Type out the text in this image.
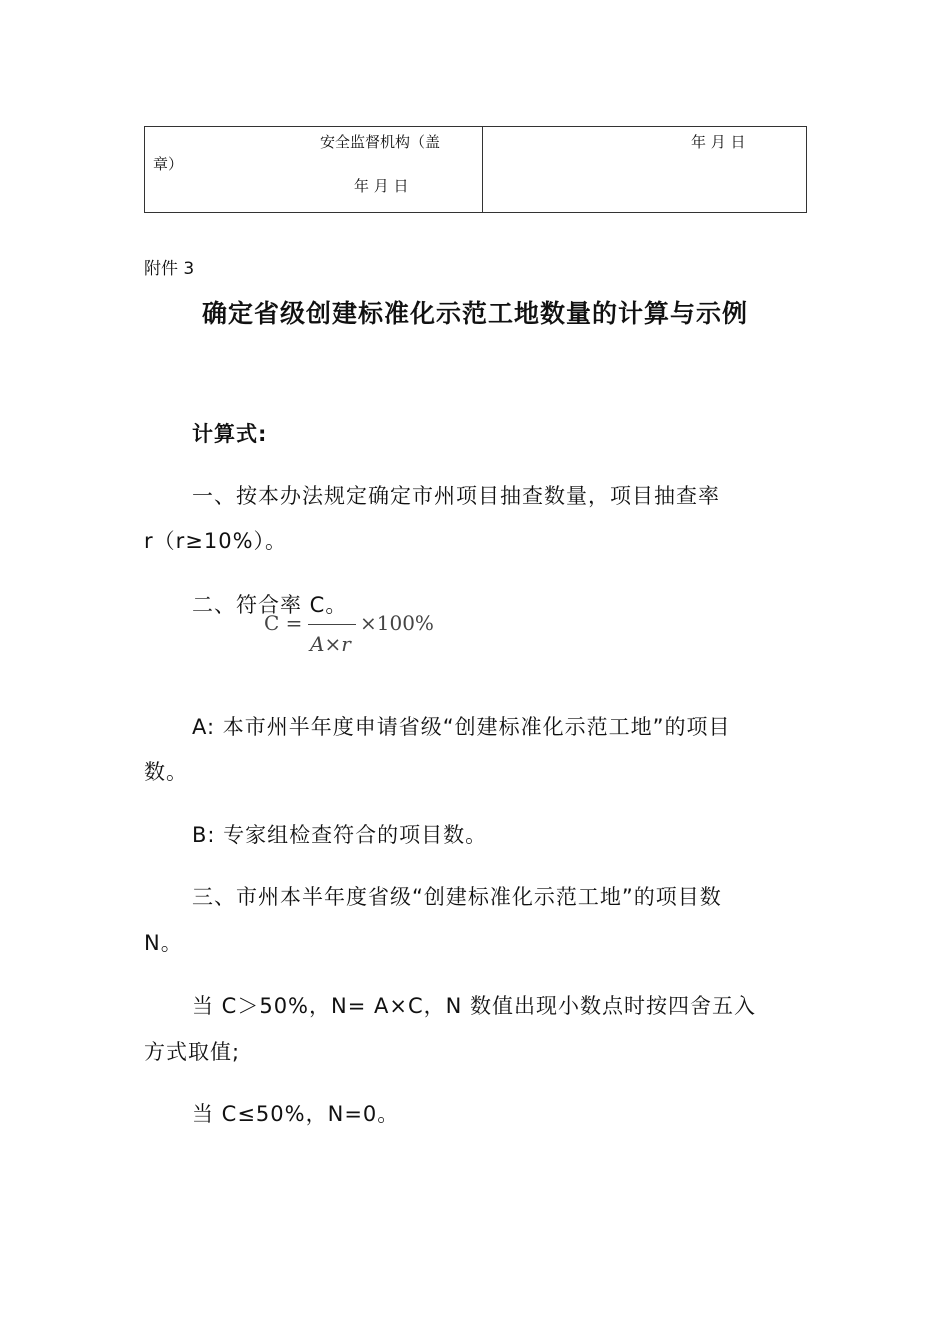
安全监督机构（盖
章）
年 月 日
年 月 日
附件 3
确定省级创建标准化示范工地数量的计算与示例
计算式:
一、按本办法规定确定市州项目抽查数量，项目抽查率
r（r≥10%）。
二、符合率 C。
C =
A×r
×100%
A: 本市州半年度申请省级“创建标准化示范工地”的项目
数。
B: 专家组检查符合的项目数。
三、市州本半年度省级“创建标准化示范工地”的项目数
N。
当 C＞50%，N= A×C，N 数值出现小数点时按四舍五入
方式取值;
当 C≤50%，N=0。
